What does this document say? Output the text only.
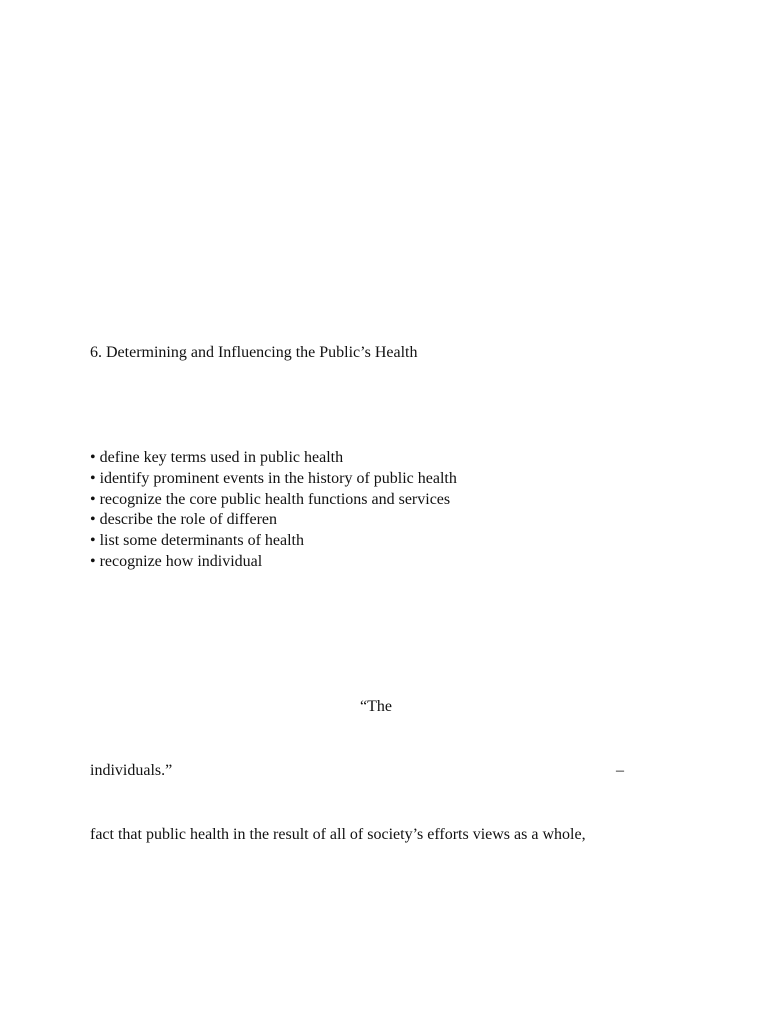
6. Determining and Influencing the Public’s Health
• define key terms used in public health
• identify prominent events in the history of public health
• recognize the core public health functions and services
• describe the role of differen
• list some determinants of health
• recognize how individual
“The
individuals.”	–
fact that public health in the result of all of society’s efforts views as a whole,
